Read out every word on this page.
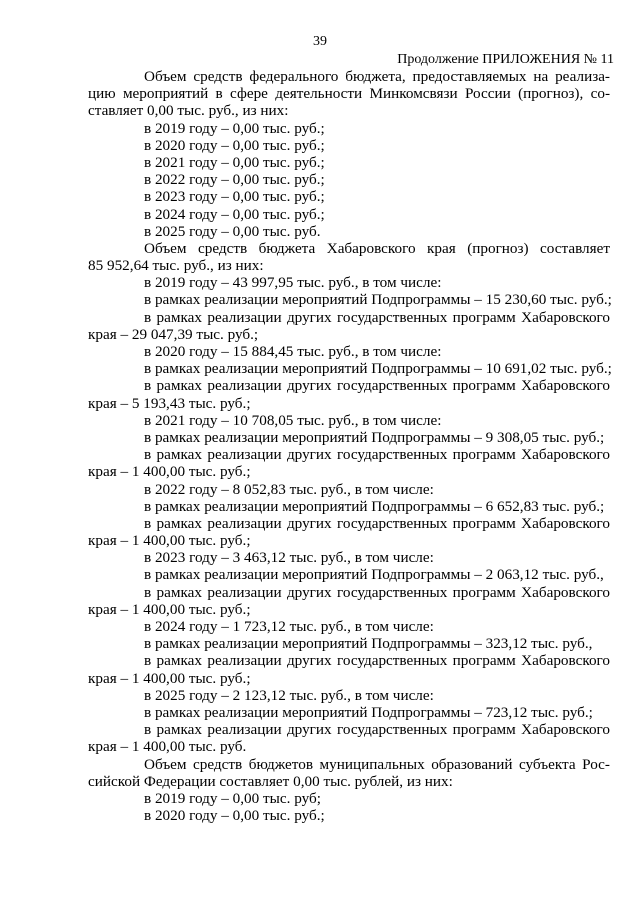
39
Продолжение ПРИЛОЖЕНИЯ № 11
Объем средств федерального бюджета, предоставляемых на реализа-
цию мероприятий в сфере деятельности Минкомсвязи России (прогноз), со-
ставляет 0,00 тыс. руб., из них:
в 2019 году – 0,00 тыс. руб.;
в 2020 году – 0,00 тыс. руб.;
в 2021 году – 0,00 тыс. руб.;
в 2022 году – 0,00 тыс. руб.;
в 2023 году – 0,00 тыс. руб.;
в 2024 году – 0,00 тыс. руб.;
в 2025 году – 0,00 тыс. руб.
Объем средств бюджета Хабаровского края (прогноз) составляет
85 952,64 тыс. руб., из них:
в 2019 году – 43 997,95 тыс. руб., в том числе:
в рамках реализации мероприятий Подпрограммы – 15 230,60 тыс. руб.;
в рамках реализации других государственных программ Хабаровского
края – 29 047,39 тыс. руб.;
в 2020 году – 15 884,45 тыс. руб., в том числе:
в рамках реализации мероприятий Подпрограммы – 10 691,02 тыс. руб.;
в рамках реализации других государственных программ Хабаровского
края – 5 193,43 тыс. руб.;
в 2021 году – 10 708,05 тыс. руб., в том числе:
в рамках реализации мероприятий Подпрограммы – 9 308,05 тыс. руб.;
в рамках реализации других государственных программ Хабаровского
края – 1 400,00 тыс. руб.;
в 2022 году – 8 052,83 тыс. руб., в том числе:
в рамках реализации мероприятий Подпрограммы – 6 652,83 тыс. руб.;
в рамках реализации других государственных программ Хабаровского
края – 1 400,00 тыс. руб.;
в 2023 году – 3 463,12 тыс. руб., в том числе:
в рамках реализации мероприятий Подпрограммы – 2 063,12 тыс. руб.,
в рамках реализации других государственных программ Хабаровского
края – 1 400,00 тыс. руб.;
в 2024 году – 1 723,12 тыс. руб., в том числе:
в рамках реализации мероприятий Подпрограммы – 323,12 тыс. руб.,
в рамках реализации других государственных программ Хабаровского
края – 1 400,00 тыс. руб.;
в 2025 году – 2 123,12 тыс. руб., в том числе:
в рамках реализации мероприятий Подпрограммы – 723,12 тыс. руб.;
в рамках реализации других государственных программ Хабаровского
края – 1 400,00 тыс. руб.
Объем средств бюджетов муниципальных образований субъекта Рос-
сийской Федерации составляет 0,00 тыс. рублей, из них:
в 2019 году – 0,00 тыс. руб;
в 2020 году – 0,00 тыс. руб.;
